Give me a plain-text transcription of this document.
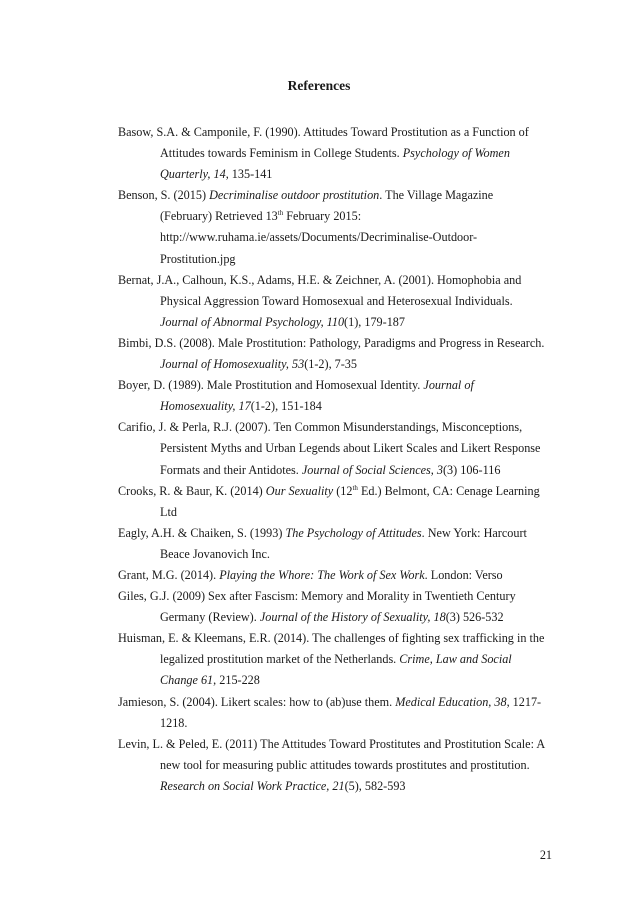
References
Basow, S.A. & Camponile, F. (1990). Attitudes Toward Prostitution as a Function of Attitudes towards Feminism in College Students. Psychology of Women Quarterly, 14, 135-141
Benson, S. (2015) Decriminalise outdoor prostitution. The Village Magazine (February) Retrieved 13th February 2015: http://www.ruhama.ie/assets/Documents/Decriminalise-Outdoor-Prostitution.jpg
Bernat, J.A., Calhoun, K.S., Adams, H.E. & Zeichner, A. (2001). Homophobia and Physical Aggression Toward Homosexual and Heterosexual Individuals. Journal of Abnormal Psychology, 110(1), 179-187
Bimbi, D.S. (2008). Male Prostitution: Pathology, Paradigms and Progress in Research. Journal of Homosexuality, 53(1-2), 7-35
Boyer, D. (1989). Male Prostitution and Homosexual Identity. Journal of Homosexuality, 17(1-2), 151-184
Carifio, J. & Perla, R.J. (2007). Ten Common Misunderstandings, Misconceptions, Persistent Myths and Urban Legends about Likert Scales and Likert Response Formats and their Antidotes. Journal of Social Sciences, 3(3) 106-116
Crooks, R. & Baur, K. (2014) Our Sexuality (12th Ed.) Belmont, CA: Cenage Learning Ltd
Eagly, A.H. & Chaiken, S. (1993) The Psychology of Attitudes. New York: Harcourt Beace Jovanovich Inc.
Grant, M.G. (2014). Playing the Whore: The Work of Sex Work. London: Verso
Giles, G.J. (2009) Sex after Fascism: Memory and Morality in Twentieth Century Germany (Review). Journal of the History of Sexuality, 18(3) 526-532
Huisman, E. & Kleemans, E.R. (2014). The challenges of fighting sex trafficking in the legalized prostitution market of the Netherlands. Crime, Law and Social Change 61, 215-228
Jamieson, S. (2004). Likert scales: how to (ab)use them. Medical Education, 38, 1217-1218.
Levin, L. & Peled, E. (2011) The Attitudes Toward Prostitutes and Prostitution Scale: A new tool for measuring public attitudes towards prostitutes and prostitution. Research on Social Work Practice, 21(5), 582-593
21
